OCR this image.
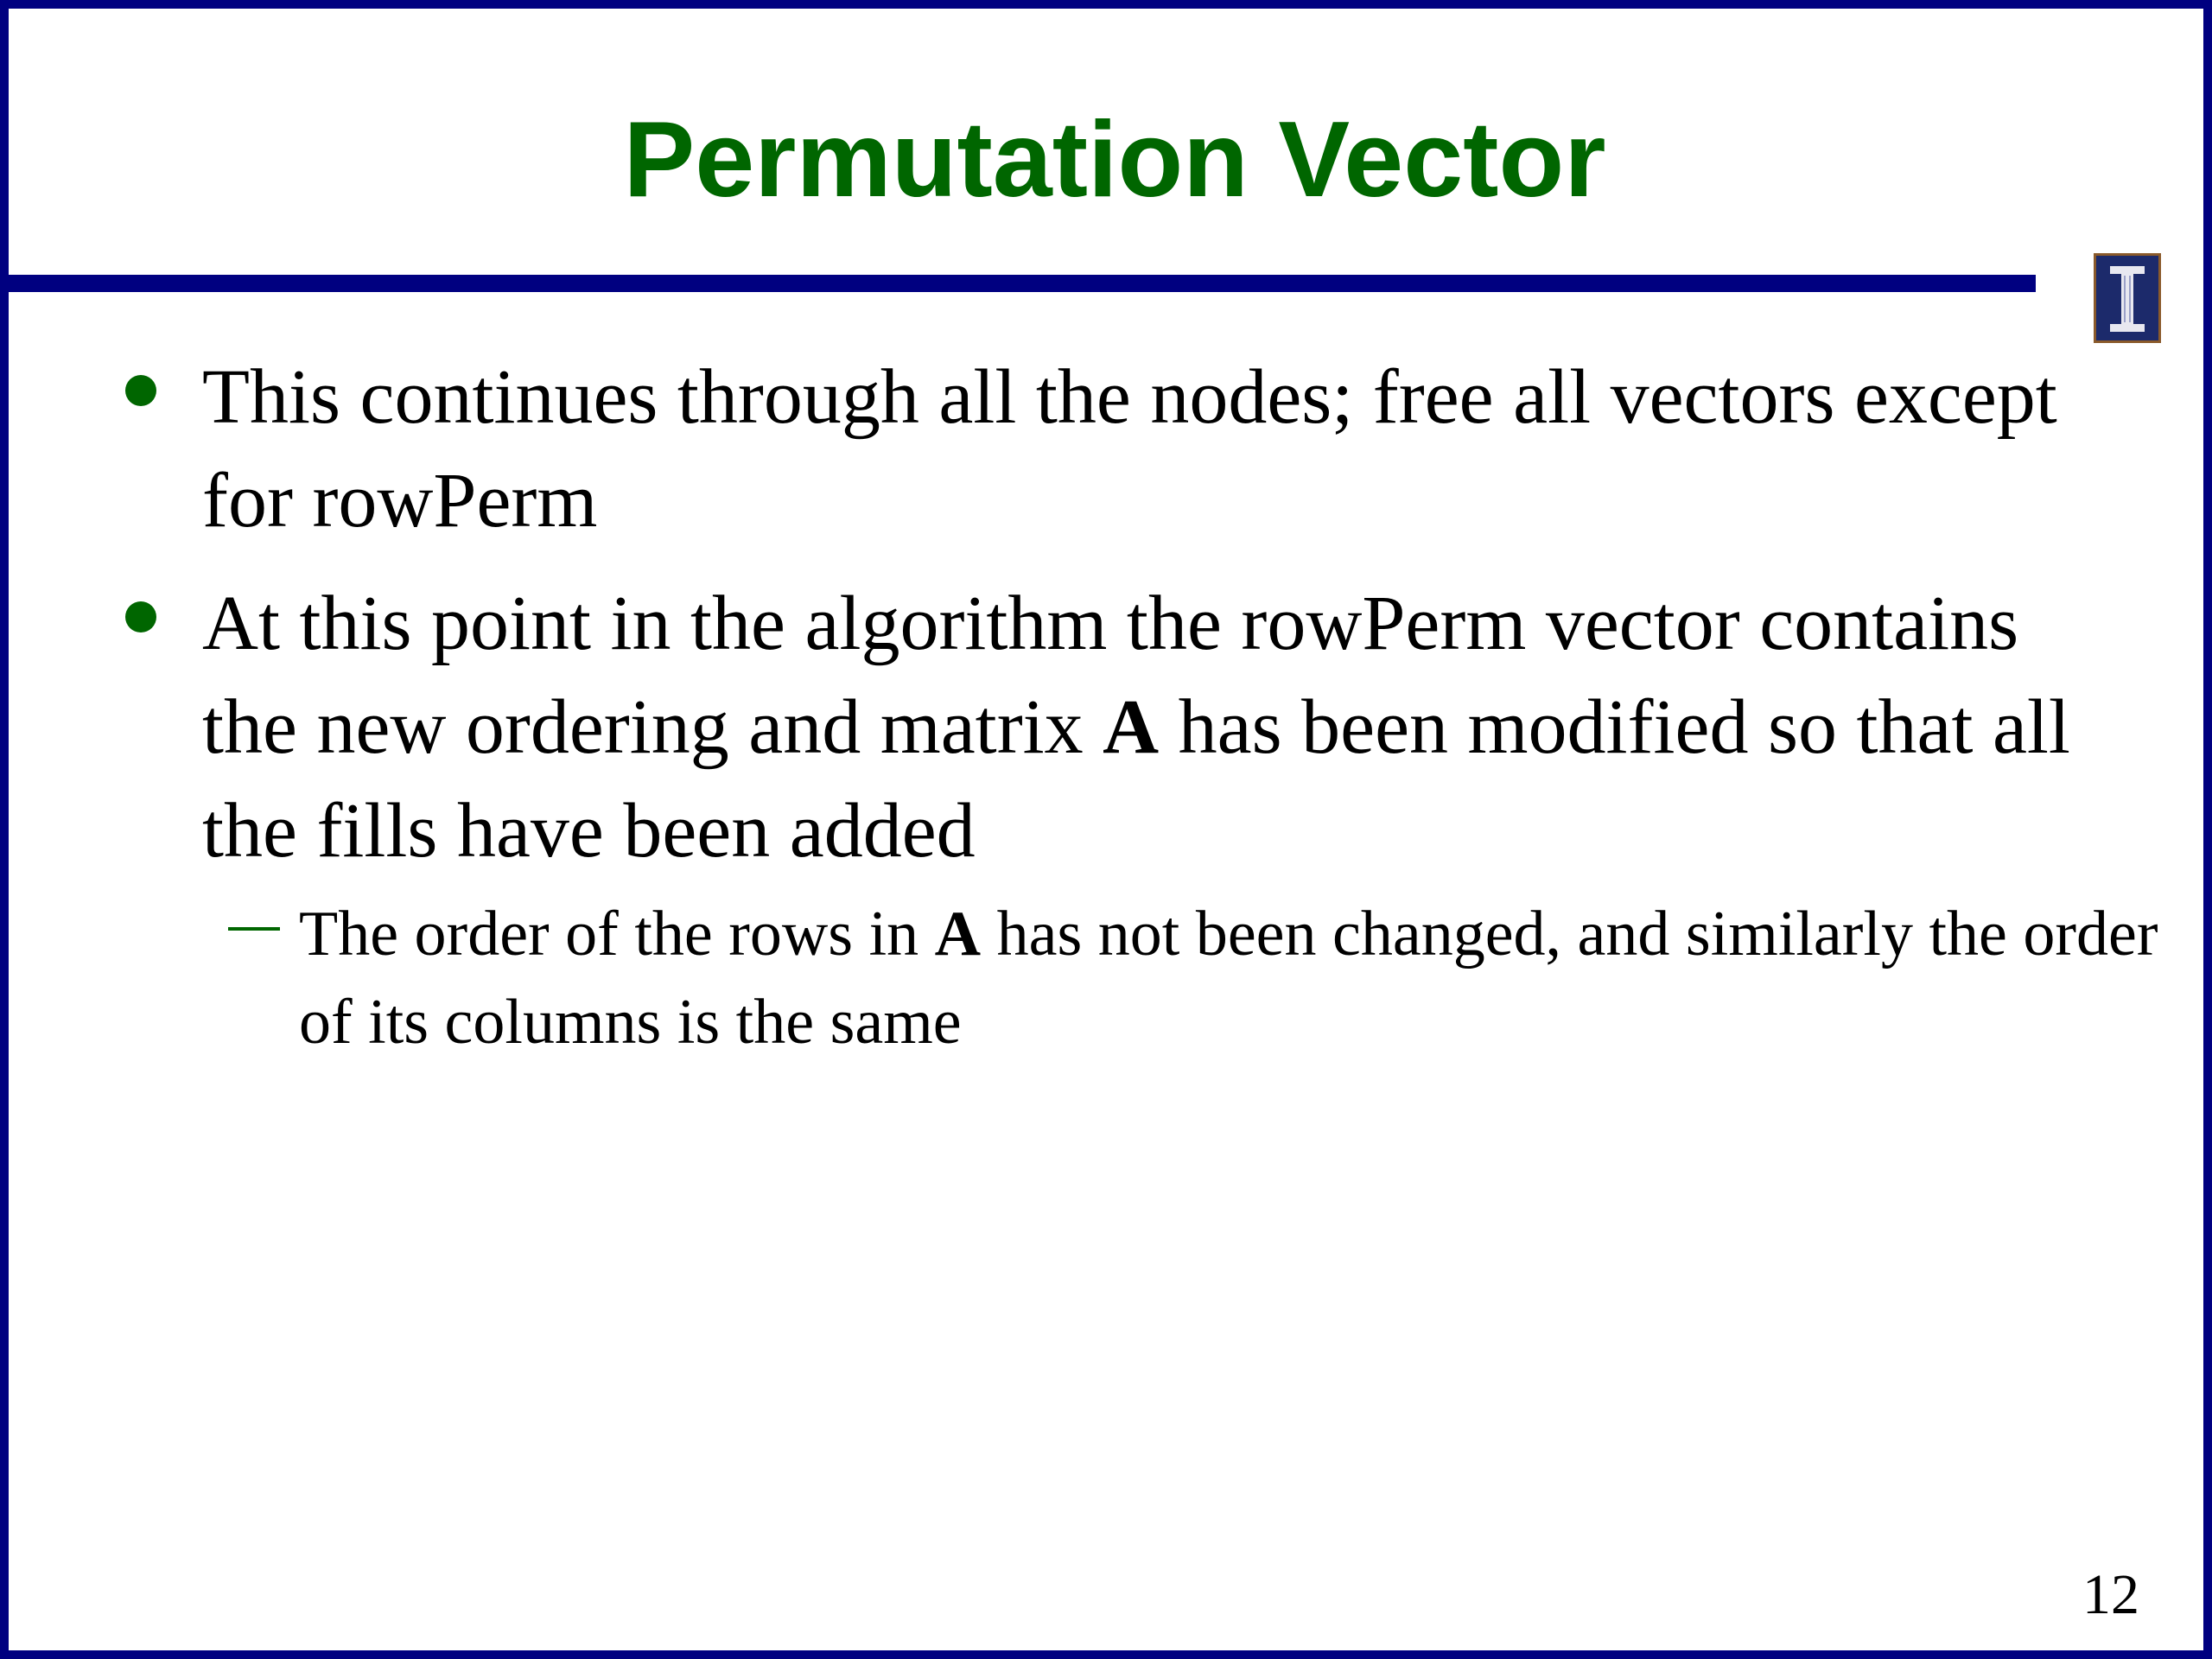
Permutation Vector

This continues through all the nodes; free all vectors except for rowPerm

At this point in the algorithm the rowPerm vector contains the new ordering and matrix A has been modified so that all the fills have been added

The order of the rows in A has not been changed, and similarly the order of its columns is the same

12
